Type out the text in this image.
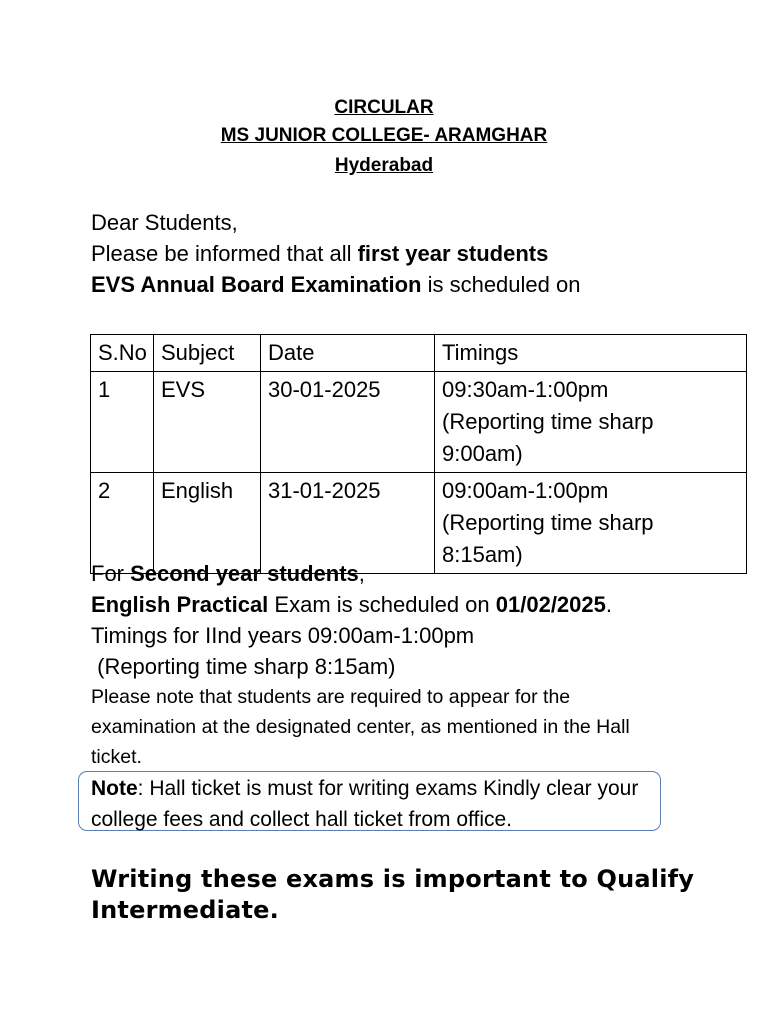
CIRCULAR
MS JUNIOR COLLEGE- ARAMGHAR
Hyderabad
Dear Students,
Please be informed that all first year students
EVS Annual Board Examination is scheduled on
S.No	Subject	Date	Timings
1	EVS	30-01-2025	09:30am-1:00pm
(Reporting time sharp
9:00am)

2	English	31-01-2025	09:00am-1:00pm
(Reporting time sharp
8:15am)
For Second year students,
English Practical Exam is scheduled on 01/02/2025.
Timings for IInd years 09:00am-1:00pm
(Reporting time sharp 8:15am)
Please note that students are required to appear for the
examination at the designated center, as mentioned in the Hall
ticket.
Note: Hall ticket is must for writing exams Kindly clear your
college fees and collect hall ticket from office.
Writing these exams is important to Qualify
Intermediate.
